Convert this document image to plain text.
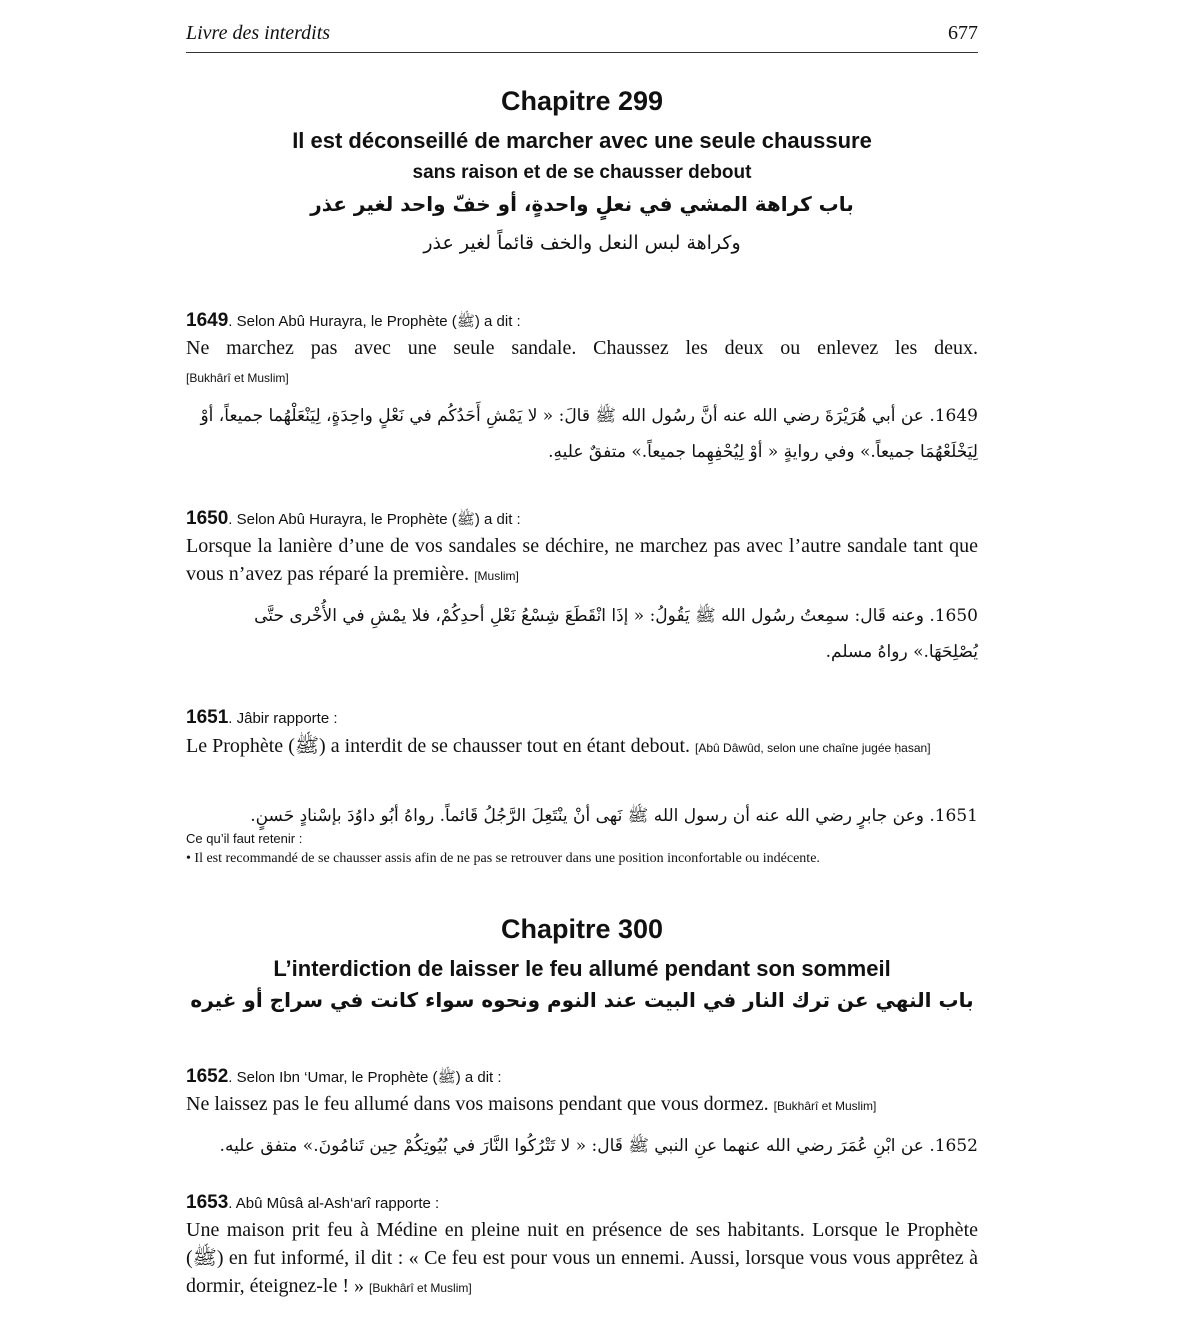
Livre des interdits	677
Chapitre 299
Il est déconseillé de marcher avec une seule chaussure
sans raison et de se chausser debout
باب كراهة المشي في نعلٍ واحدةٍ، أو خفّ واحد لغير عذر
وكراهة لبس النعل والخف قائماً لغير عذر
1649. Selon Abû Hurayra, le Prophète (ﷺ) a dit :
Ne marchez pas avec une seule sandale. Chaussez les deux ou enlevez les deux.
[Bukhârî et Muslim]
1649. عن أبي هُرَيْرَةَ رضي الله عنه أنَّ رسُول الله ﷺ قالَ: « لا يَمْشِ أَحَدُكُم في نَعْلٍ واحِدَةٍ، لِيَنْعَلْهُما جميعاً، أوْ لِيَخْلَعْهُمَا جميعاً.» وفي روايةٍ « أوْ لِيُحْفِهِما جميعاً.» متفقٌ عليهِ.
1650. Selon Abû Hurayra, le Prophète (ﷺ) a dit :
Lorsque la lanière d’une de vos sandales se déchire, ne marchez pas avec l’autre sandale tant que vous n’avez pas réparé la première. [Muslim]
1650. وعنه قَال: سمِعتُ رسُول الله ﷺ يَقُولُ: « إذَا انْقَطَعَ شِسْعُ نَعْلِ أحدِكُمْ، فلا يمْشِ في الأُخْرى حتَّى يُصْلِحَهَا.» رواهُ مسلم.
1651. Jâbir rapporte :
Le Prophète (ﷺ) a interdit de se chausser tout en étant debout. [Abû Dâwûd, selon une chaîne jugée ḥasan]
1651. وعن جابرٍ رضي الله عنه أن رسول الله ﷺ نَهى أنْ ينْتَعِلَ الرَّجُلُ قَائماً. رواهُ أبُو داوُدَ بإسْنادٍ حَسنٍ.
Ce qu’il faut retenir :
• Il est recommandé de se chausser assis afin de ne pas se retrouver dans une position inconfortable ou indécente.
Chapitre 300
L’interdiction de laisser le feu allumé pendant son sommeil
باب النهي عن ترك النار في البيت عند النوم ونحوه سواء كانت في سراج أو غيره
1652. Selon Ibn ‘Umar, le Prophète (ﷺ) a dit :
Ne laissez pas le feu allumé dans vos maisons pendant que vous dormez. [Bukhârî et Muslim]
1652. عن ابْنِ عُمَرَ رضي الله عنهما عنِ النبي ﷺ قَال: « لا تَتْرُكُوا النَّارَ في بُيُوتِكُمْ حِين تَنامُونَ.» متفق عليه.
1653. Abû Mûsâ al-Ash‘arî rapporte :
Une maison prit feu à Médine en pleine nuit en présence de ses habitants. Lorsque le Prophète (ﷺ) en fut informé, il dit : « Ce feu est pour vous un ennemi. Aussi, lorsque vous vous apprêtez à dormir, éteignez-le ! » [Bukhârî et Muslim]
